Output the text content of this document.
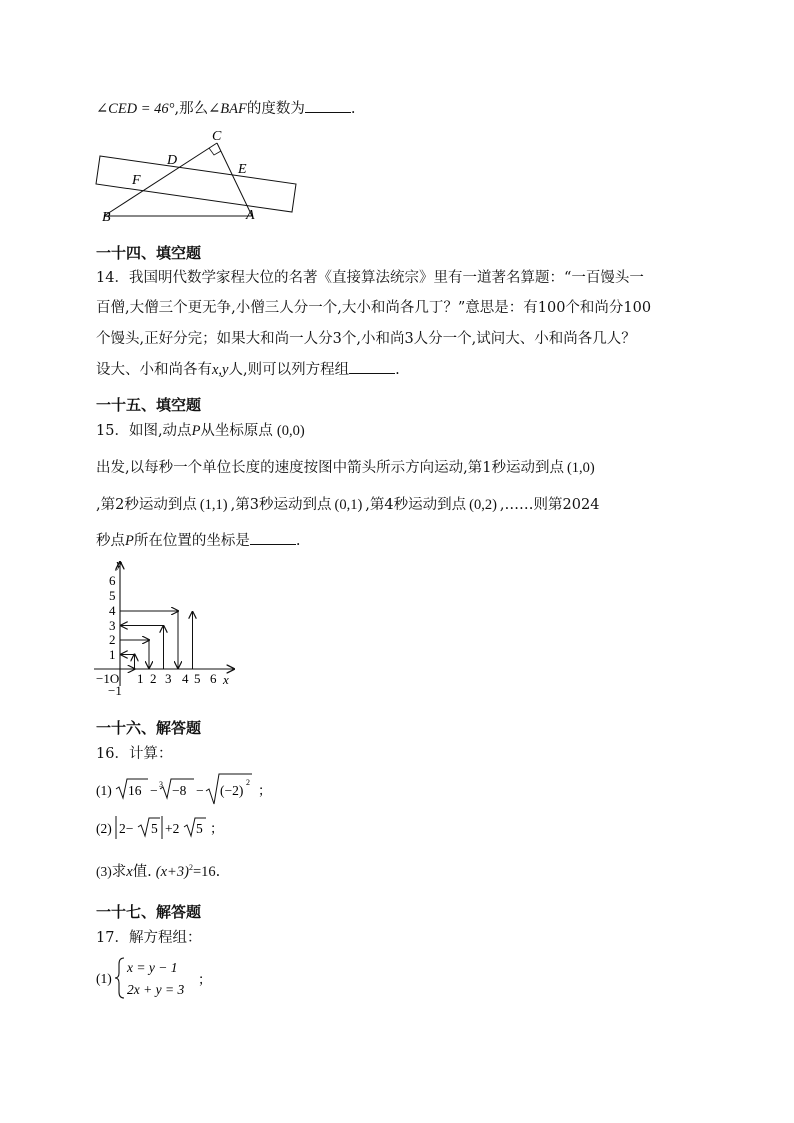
∠CED = 46°,那么∠BAF的度数为	.
C
D
E
F
B	A
一十四、填空题
14．我国明代数学家程大位的名著《直接算法统宗》里有一道著名算题：“一百馒头一
百僧,大僧三个更无争,小僧三人分一个,大小和尚各几丁？”意思是：有100个和尚分100
个馒头,正好分完；如果大和尚一人分3个,小和尚3人分一个,试问大、小和尚各几人？
设大、小和尚各有x,y人,则可以列方程组	.
一十五、填空题
15．如图,动点P从坐标原点 (0,0)
出发,以每秒一个单位长度的速度按图中箭头所示方向运动,第1秒运动到点 (1,0)
,第2秒运动到点 (1,1) ,第3秒运动到点 (0,1) ,第4秒运动到点 (0,2) ,……则第2024
秒点P所在位置的坐标是	.
y
x
6
5
4
3
2
1
−1O
−1
1 2 3 4 5 6
一十六、解答题
16．计算：
(1) 16 − 3 −8 − (−2)
2
；
(2) 2− 5 +2 5 ；
(3)求x值. $(x+3)^2=16$.
一十七、解答题
17．解方程组：
(1)
x = y − 1
2x + y = 3
；
